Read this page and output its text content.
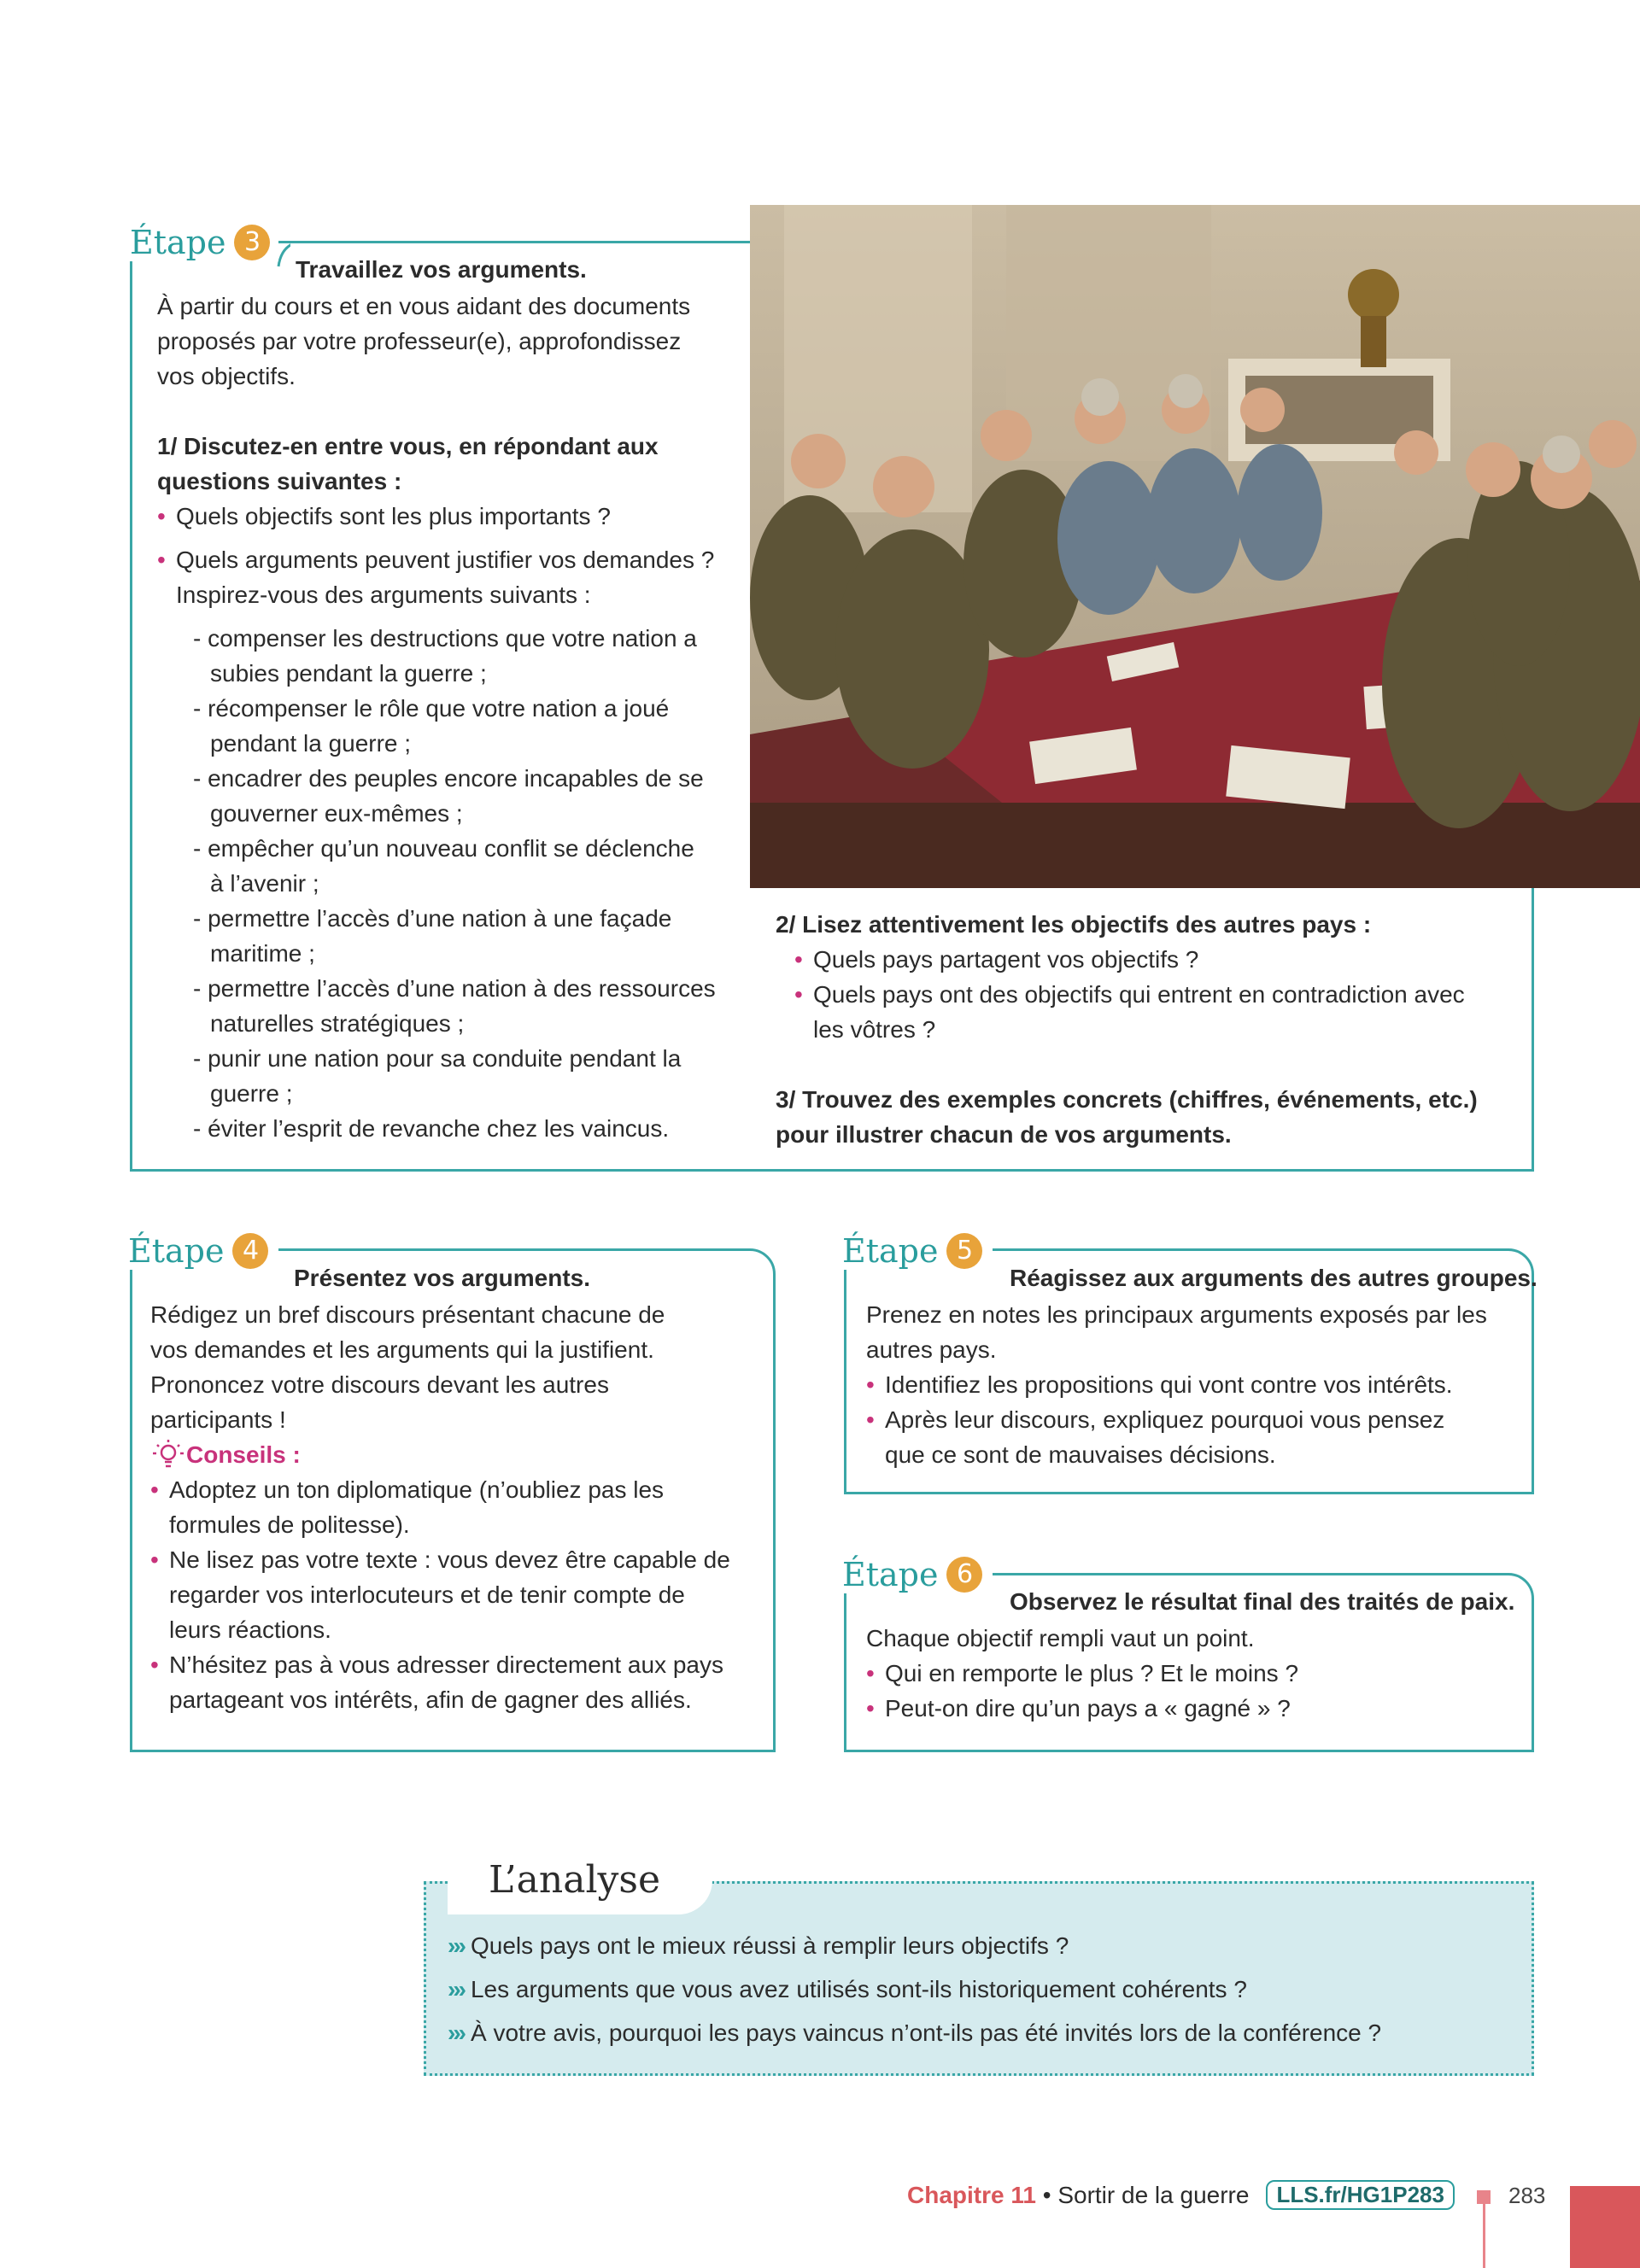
Étape 3
Travaillez vos arguments.

À partir du cours et en vous aidant des documents

proposés par votre professeur(e), approfondissez

vos objectifs.

1/ Discutez-en entre vous, en répondant aux

questions suivantes :

• Quels objectifs sont les plus importants ?

• Quels arguments peuvent justifier vos demandes ?

Inspirez-vous des arguments suivants :

- compenser les destructions que votre nation a

subies pendant la guerre ;

- récompenser le rôle que votre nation a joué

pendant la guerre ;

- encadrer des peuples encore incapables de se

gouverner eux-mêmes ;

- empêcher qu’un nouveau conflit se déclenche

à l’avenir ;

- permettre l’accès d’une nation à une façade

maritime ;

- permettre l’accès d’une nation à des ressources

naturelles stratégiques ;

- punir une nation pour sa conduite pendant la

guerre ;

- éviter l’esprit de revanche chez les vaincus.

2/ Lisez attentivement les objectifs des autres pays :

• Quels pays partagent vos objectifs ?

• Quels pays ont des objectifs qui entrent en contradiction avec

les vôtres ?

3/ Trouvez des exemples concrets (chiffres, événements, etc.)

pour illustrer chacun de vos arguments.

Étape 4
Présentez vos arguments.

Rédigez un bref discours présentant chacune de

vos demandes et les arguments qui la justifient.

Prononcez votre discours devant les autres

participants !

Conseils :

• Adoptez un ton diplomatique (n’oubliez pas les

formules de politesse).

• Ne lisez pas votre texte : vous devez être capable de

regarder vos interlocuteurs et de tenir compte de

leurs réactions.

• N’hésitez pas à vous adresser directement aux pays

partageant vos intérêts, afin de gagner des alliés.

Étape 5
Réagissez aux arguments des autres groupes.

Prenez en notes les principaux arguments exposés par les

autres pays.

• Identifiez les propositions qui vont contre vos intérêts.

• Après leur discours, expliquez pourquoi vous pensez

que ce sont de mauvaises décisions.

Étape 6
Observez le résultat final des traités de paix.

Chaque objectif rempli vaut un point.

• Qui en remporte le plus ? Et le moins ?

• Peut-on dire qu’un pays a « gagné » ?

L’analyse
››› Quels pays ont le mieux réussi à remplir leurs objectifs ?
››› Les arguments que vous avez utilisés sont-ils historiquement cohérents ?
››› À votre avis, pourquoi les pays vaincus n’ont-ils pas été invités lors de la conférence ?
Chapitre 11 • Sortir de la guerre	LLS.fr/HG1P283	283
